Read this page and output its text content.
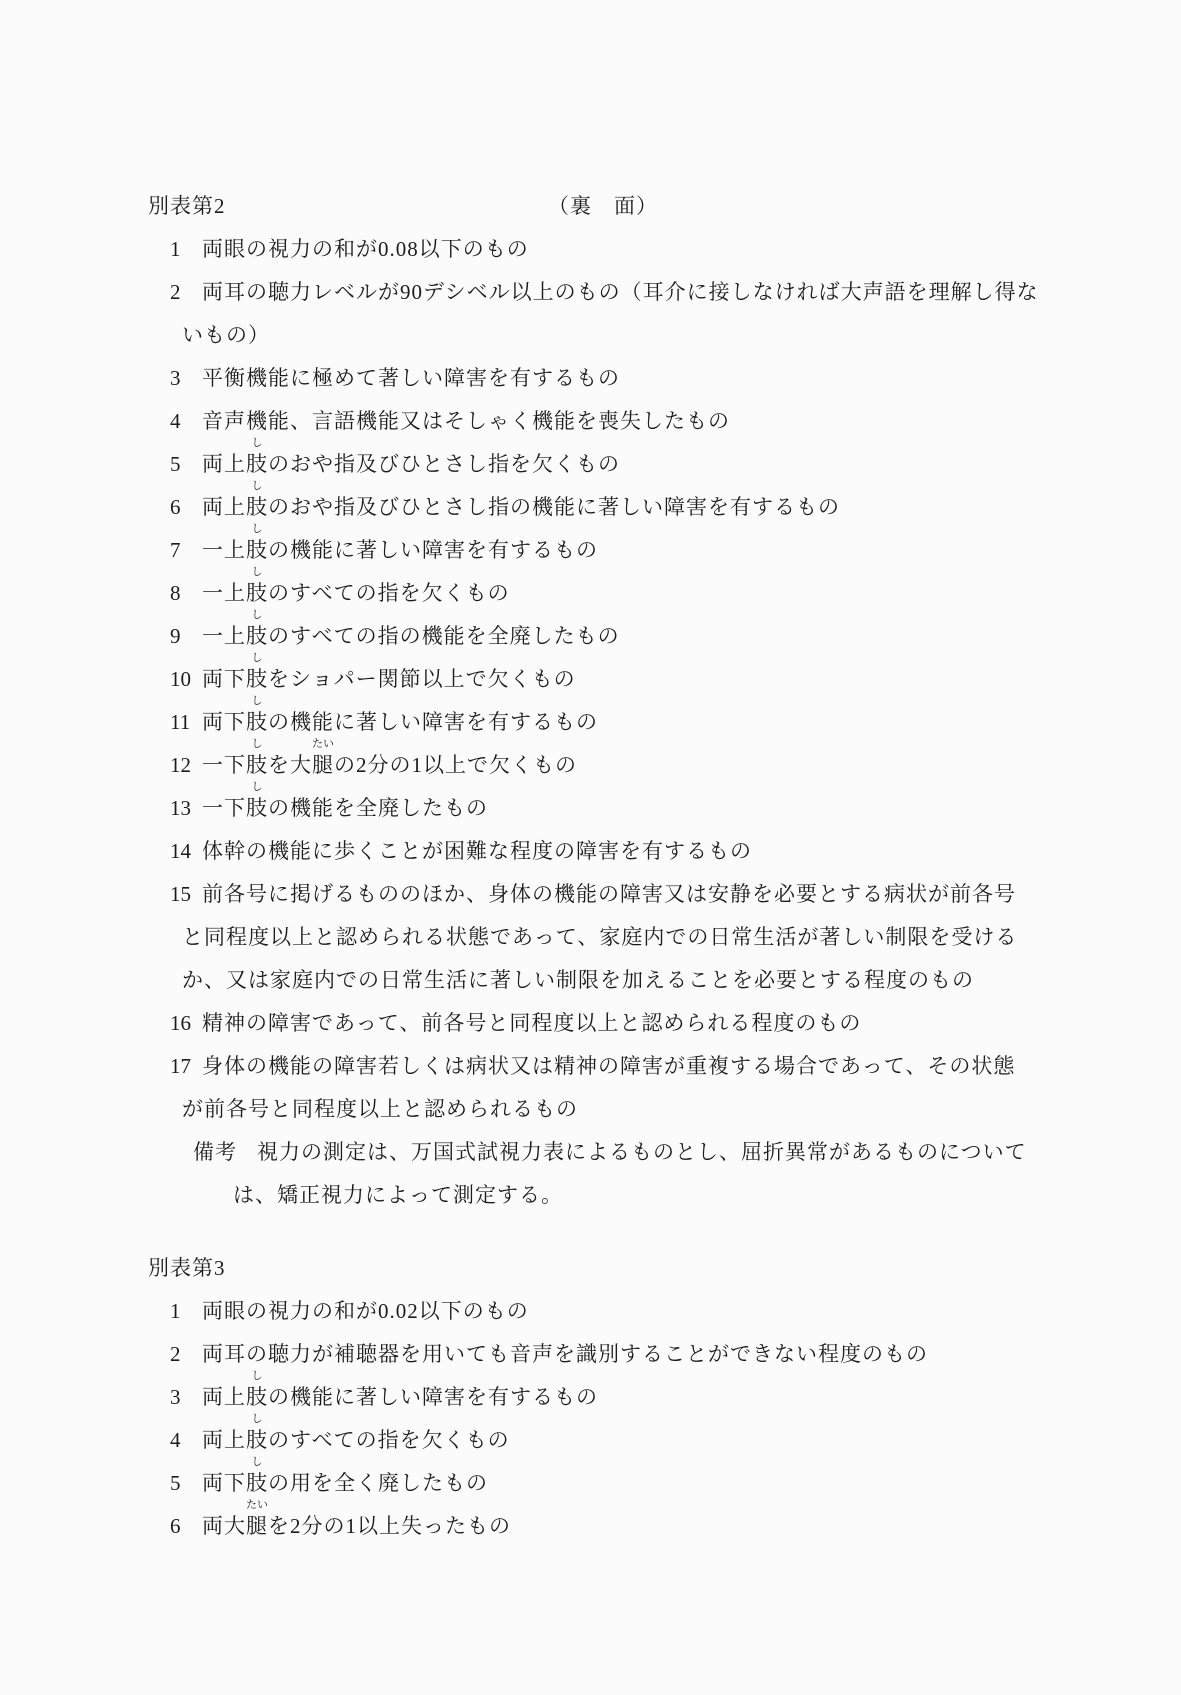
（裏　面）

別表第2
1 両眼の視力の和が0.08以下のもの
2 両耳の聴力レベルが90デシベル以上のもの（耳介に接しなければ大声語を理解し得な
いもの）
3 平衡機能に極めて著しい障害を有するもの
4 音声機能、言語機能又はそしゃく機能を喪失したもの
5 両上肢
し
のおや指及びひとさし指を欠くもの
6 両上肢
し
のおや指及びひとさし指の機能に著しい障害を有するもの
7 一上肢
し
の機能に著しい障害を有するもの
8 一上肢
し
のすべての指を欠くもの
9 一上肢
し
のすべての指の機能を全廃したもの
10 両下肢
し
をショパー関節以上で欠くもの
11 両下肢
し
の機能に著しい障害を有するもの
12 一下肢
し
を大腿
たい
の2分の1以上で欠くもの
13 一下肢
し
の機能を全廃したもの
14 体幹の機能に歩くことが困難な程度の障害を有するもの
15 前各号に掲げるもののほか、身体の機能の障害又は安静を必要とする病状が前各号
と同程度以上と認められる状態であって、家庭内での日常生活が著しい制限を受ける
か、又は家庭内での日常生活に著しい制限を加えることを必要とする程度のもの
16 精神の障害であって、前各号と同程度以上と認められる程度のもの
17 身体の機能の障害若しくは病状又は精神の障害が重複する場合であって、その状態
が前各号と同程度以上と認められるもの
備考 視力の測定は、万国式試視力表によるものとし、屈折異常があるものについて
は、矯正視力によって測定する。
別表第3
1 両眼の視力の和が0.02以下のもの
2 両耳の聴力が補聴器を用いても音声を識別することができない程度のもの
3 両上肢
し
の機能に著しい障害を有するもの
4 両上肢
し
のすべての指を欠くもの
5 両下肢
し
の用を全く廃したもの
6 両大腿
たい
を2分の1以上失ったもの
